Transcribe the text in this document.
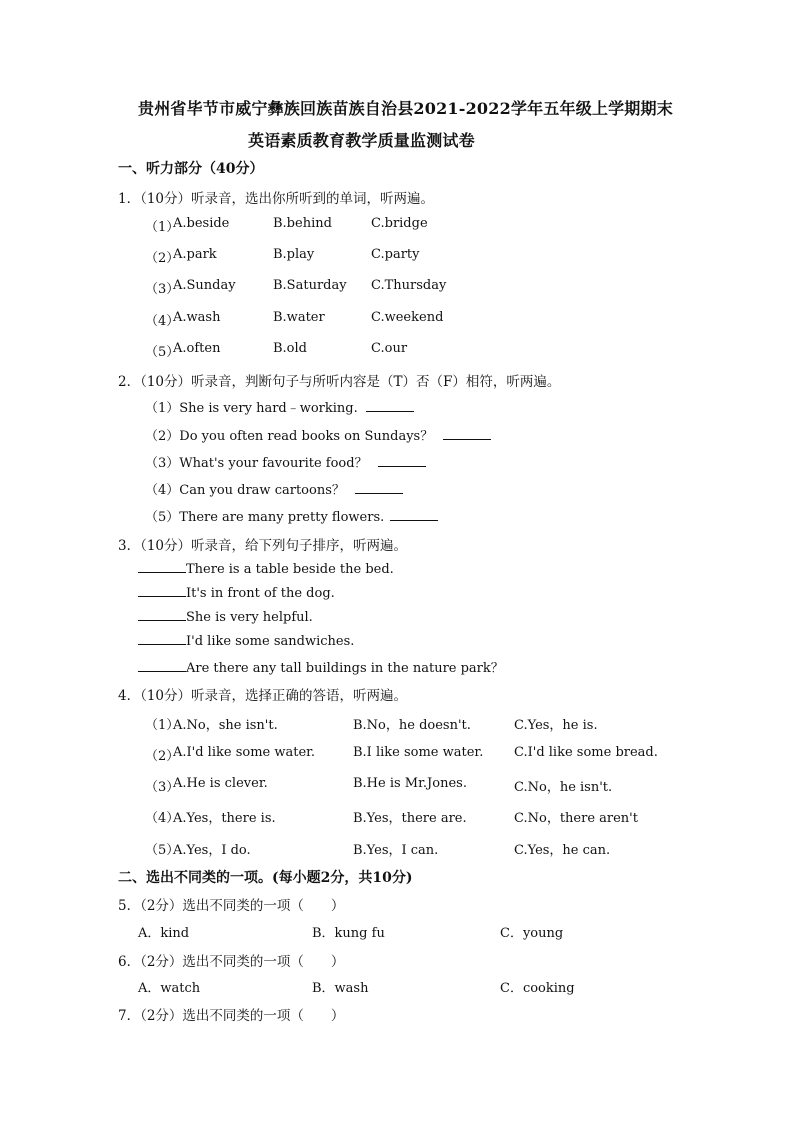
贵州省毕节市威宁彝族回族苗族自治县2021-2022学年五年级上学期期末
英语素质教育教学质量监测试卷
一、听力部分（40分）
1．（10分）听录音，选出你所听到的单词，听两遍。
（1）
A.beside	B.behind	C.bridge
（2）
A.park	B.play	C.party
（3）
A.Sunday	B.Saturday C.Thursday
（4）
A.wash	B.water	C.weekend
（5）
A.often	B.old	C.our
2．（10分）听录音，判断句子与所听内容是（T）否（F）相符，听两遍。
（1）She is very hard﹣working.
（2）Do you often read books on Sundays？
（3）What's your favourite food？
（4）Can you draw cartoons？
（5）There are many pretty flowers.
3．（10分）听录音，给下列句子排序，听两遍。
There is a table beside the bed.
It's in front of the dog.
She is very helpful.
I'd like some sandwiches.
Are there any tall buildings in the nature park？
4．（10分）听录音，选择正确的答语，听两遍。
（1）
A.No，she isn't.	B.No，he doesn't.	C.Yes，he is.
（2）
A.I'd like some water.	B.I like some water. C.I'd like some bread.
（3）
A.He is clever.	B.He is Mr.Jones.	C.No，he isn't.
（4）
A.Yes，there is.	B.Yes，there are.	C.No，there aren't
（5）
A.Yes，I do.	B.Yes，I can.	C.Yes，he can.
二、选出不同类的一项。(每小题2分，共10分)
5．（2分）选出不同类的一项（　　）
A．kind	B．kung fu	C．young
6．（2分）选出不同类的一项（　　）
A．watch	B．wash	C．cooking
7．（2分）选出不同类的一项（　　）
